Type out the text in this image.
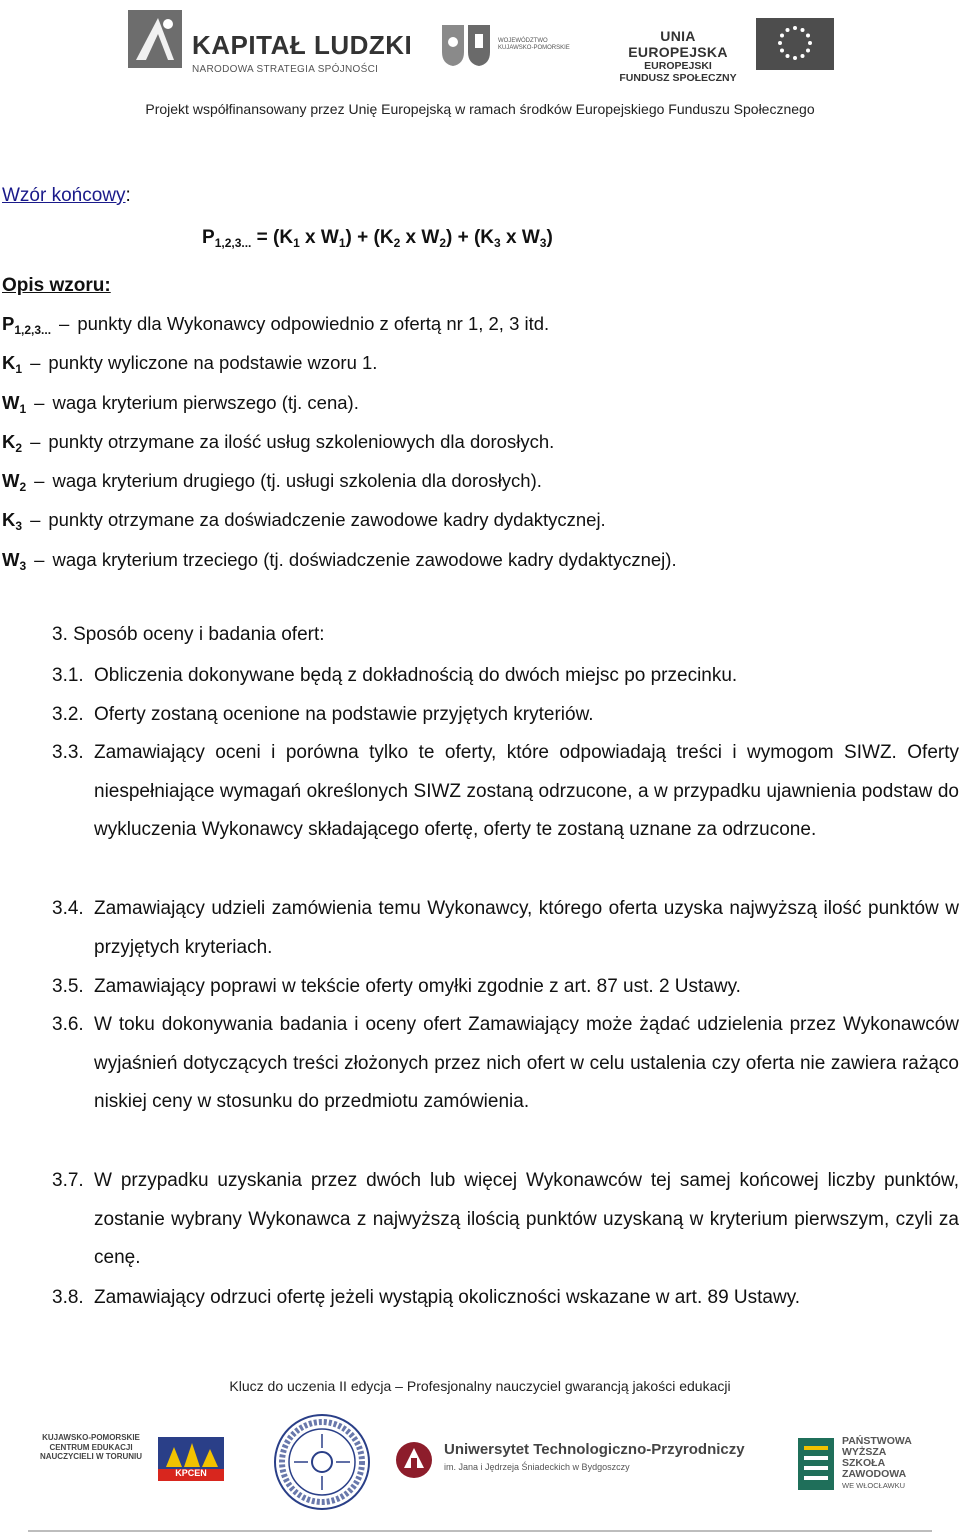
KAPITAŁ LUDZKI
NARODOWA STRATEGIA SPÓJNOŚCI
WOJEWÓDZTWO KUJAWSKO-POMORSKIE
UNIA EUROPEJSKA
EUROPEJSKI
FUNDUSZ SPOŁECZNY
Projekt współfinansowany przez Unię Europejską w ramach środków Europejskiego Funduszu Społecznego
Wzór końcowy:
$P_{1,2,3...} = (K_1$ x $W_1) + (K_2$ x $W_2) + (K_3$ x $W_3$)
Opis wzoru:
$P_{1,2,3...}$ – punkty dla Wykonawcy odpowiednio z ofertą nr 1, 2, 3 itd.
$K_1$ – punkty wyliczone na podstawie wzoru 1.
$W_1$ – waga kryterium pierwszego (tj. cena).
$K_2$ – punkty otrzymane za ilość usług szkoleniowych dla dorosłych.
$W_2$ – waga kryterium drugiego (tj. usługi szkolenia dla dorosłych).
$K_3$ – punkty otrzymane za doświadczenie zawodowe kadry dydaktycznej.
$W_3$ – waga kryterium trzeciego (tj. doświadczenie zawodowe kadry dydaktycznej).
3. Sposób oceny i badania ofert:
3.1. Obliczenia dokonywane będą z dokładnością do dwóch miejsc po przecinku.
3.2. Oferty zostaną ocenione na podstawie przyjętych kryteriów.
3.3. Zamawiający oceni i porówna tylko te oferty, które odpowiadają treści i wymogom SIWZ. Oferty niespełniające wymagań określonych SIWZ zostaną odrzucone, a w przypadku ujawnienia podstaw do wykluczenia Wykonawcy składającego ofertę, oferty te zostaną uznane za odrzucone.
3.4. Zamawiający udzieli zamówienia temu Wykonawcy, którego oferta uzyska najwyższą ilość punktów w przyjętych kryteriach.
3.5. Zamawiający poprawi w tekście oferty omyłki zgodnie z art. 87 ust. 2 Ustawy.
3.6. W toku dokonywania badania i oceny ofert Zamawiający może żądać udzielenia przez Wykonawców wyjaśnień dotyczących treści złożonych przez nich ofert w celu ustalenia czy oferta nie zawiera rażąco niskiej ceny w stosunku do przedmiotu zamówienia.
3.7. W przypadku uzyskania przez dwóch lub więcej Wykonawców tej samej końcowej liczby punktów, zostanie wybrany Wykonawca z najwyższą ilością punktów uzyskaną w kryterium pierwszym, czyli za cenę.
3.8. Zamawiający odrzuci ofertę jeżeli wystąpią okoliczności wskazane w art. 89 Ustawy.
Klucz do uczenia II edycja – Profesjonalny nauczyciel gwarancją jakości edukacji
KUJAWSKO-POMORSKIE CENTRUM EDUKACJI NAUCZYCIELI W TORUNIU
KPCEN
Uniwersytet Technologiczno-Przyrodniczy
im. Jana i Jędrzeja Śniadeckich w Bydgoszczy
PAŃSTWOWA
WYŻSZA
SZKOŁA
ZAWODOWA
WE WŁOCŁAWKU
